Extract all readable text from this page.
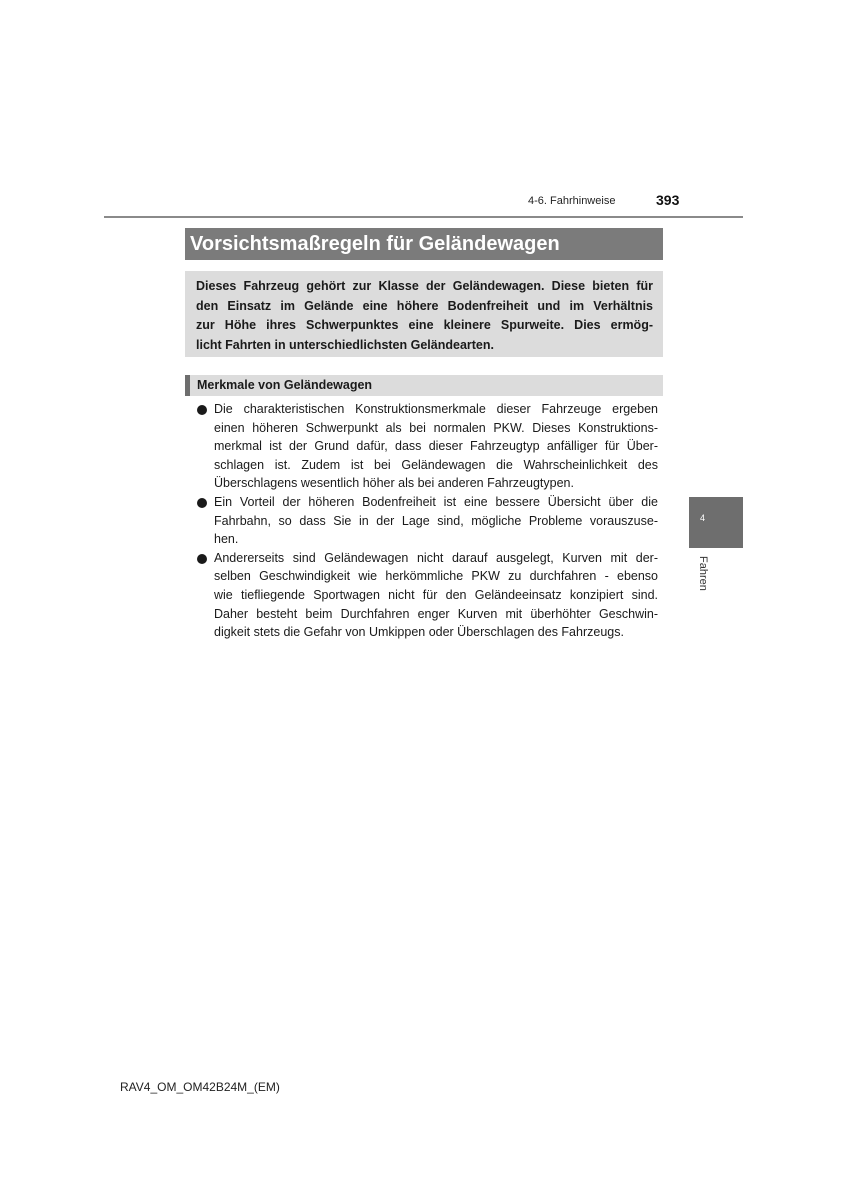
4-6. Fahrhinweise	393
Vorsichtsmaßregeln für Geländewagen
Dieses Fahrzeug gehört zur Klasse der Geländewagen. Diese bieten für
den Einsatz im Gelände eine höhere Bodenfreiheit und im Verhältnis
zur Höhe ihres Schwerpunktes eine kleinere Spurweite. Dies ermög-
licht Fahrten in unterschiedlichsten Geländearten.
Merkmale von Geländewagen
Die charakteristischen Konstruktionsmerkmale dieser Fahrzeuge ergeben
einen höheren Schwerpunkt als bei normalen PKW. Dieses Konstruktions-
merkmal ist der Grund dafür, dass dieser Fahrzeugtyp anfälliger für Über-
schlagen ist. Zudem ist bei Geländewagen die Wahrscheinlichkeit des
Überschlagens wesentlich höher als bei anderen Fahrzeugtypen.
Ein Vorteil der höheren Bodenfreiheit ist eine bessere Übersicht über die
Fahrbahn, so dass Sie in der Lage sind, mögliche Probleme vorauszuse-
hen.
Andererseits sind Geländewagen nicht darauf ausgelegt, Kurven mit der-
selben Geschwindigkeit wie herkömmliche PKW zu durchfahren - ebenso
wie tiefliegende Sportwagen nicht für den Geländeeinsatz konzipiert sind.
Daher besteht beim Durchfahren enger Kurven mit überhöhter Geschwin-
digkeit stets die Gefahr von Umkippen oder Überschlagen des Fahrzeugs.
4
Fahren
RAV4_OM_OM42B24M_(EM)
